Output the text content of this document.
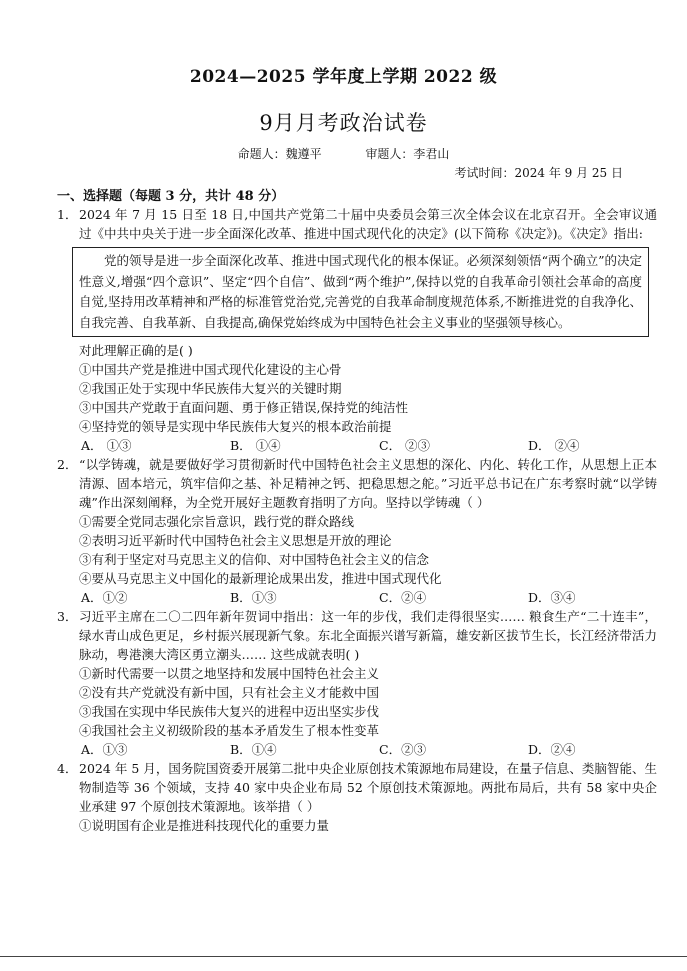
2024—2025 学年度上学期 2022 级
9月月考政治试卷
命题人：魏遵平	审题人：李君山
考试时间：2024 年 9 月 25 日
一、选择题（每题 3 分，共计 48 分）
1． 2024 年 7 月 15 日至 18 日,中国共产党第二十届中央委员会第三次全体会议在北京召开。全会审议通过《中共中央关于进一步全面深化改革、推进中国式现代化的决定》(以下简称《决定》)。《决定》指出:
党的领导是进一步全面深化改革、推进中国式现代化的根本保证。必须深刻领悟“两个确立”的决定性意义,增强“四个意识”、坚定“四个自信”、做到“两个维护”,保持以党的自我革命引领社会革命的高度自觉,坚持用改革精神和严格的标准管党治党,完善党的自我革命制度规范体系,不断推进党的自我净化、自我完善、自我革新、自我提高,确保党始终成为中国特色社会主义事业的坚强领导核心。
对此理解正确的是( )
①中国共产党是推进中国式现代化建设的主心骨
②我国正处于实现中华民族伟大复兴的关键时期
③中国共产党敢于直面问题、勇于修正错误,保持党的纯洁性
④坚持党的领导是实现中华民族伟大复兴的根本政治前提
A． ①③	B． ①④	C． ②③	D． ②④
2． “以学铸魂，就是要做好学习贯彻新时代中国特色社会主义思想的深化、内化、转化工作，从思想上正本清源、固本培元，筑牢信仰之基、补足精神之钙、把稳思想之舵。”习近平总书记在广东考察时就“以学铸魂”作出深刻阐释，为全党开展好主题教育指明了方向。坚持以学铸魂（ ）
①需要全党同志强化宗旨意识，践行党的群众路线
②表明习近平新时代中国特色社会主义思想是开放的理论
③有利于坚定对马克思主义的信仰、对中国特色社会主义的信念
④要从马克思主义中国化的最新理论成果出发，推进中国式现代化
A．①②	B．①③	C．②④	D．③④
3． 习近平主席在二〇二四年新年贺词中指出：这一年的步伐，我们走得很坚实…… 粮食生产“二十连丰”，绿水青山成色更足，乡村振兴展现新气象。东北全面振兴谱写新篇，雄安新区拔节生长，长江经济带活力脉动，粤港澳大湾区勇立潮头…… 这些成就表明( )
①新时代需要一以贯之地坚持和发展中国特色社会主义
②没有共产党就没有新中国，只有社会主义才能救中国
③我国在实现中华民族伟大复兴的进程中迈出坚实步伐
④我国社会主义初级阶段的基本矛盾发生了根本性变革
A．①③	B．①④	C．②③	D．②④
4． 2024 年 5 月，国务院国资委开展第二批中央企业原创技术策源地布局建设，在量子信息、类脑智能、生物制造等 36 个领域，支持 40 家中央企业布局 52 个原创技术策源地。两批布局后，共有 58 家中央企业承建 97 个原创技术策源地。该举措（ ）
①说明国有企业是推进科技现代化的重要力量
